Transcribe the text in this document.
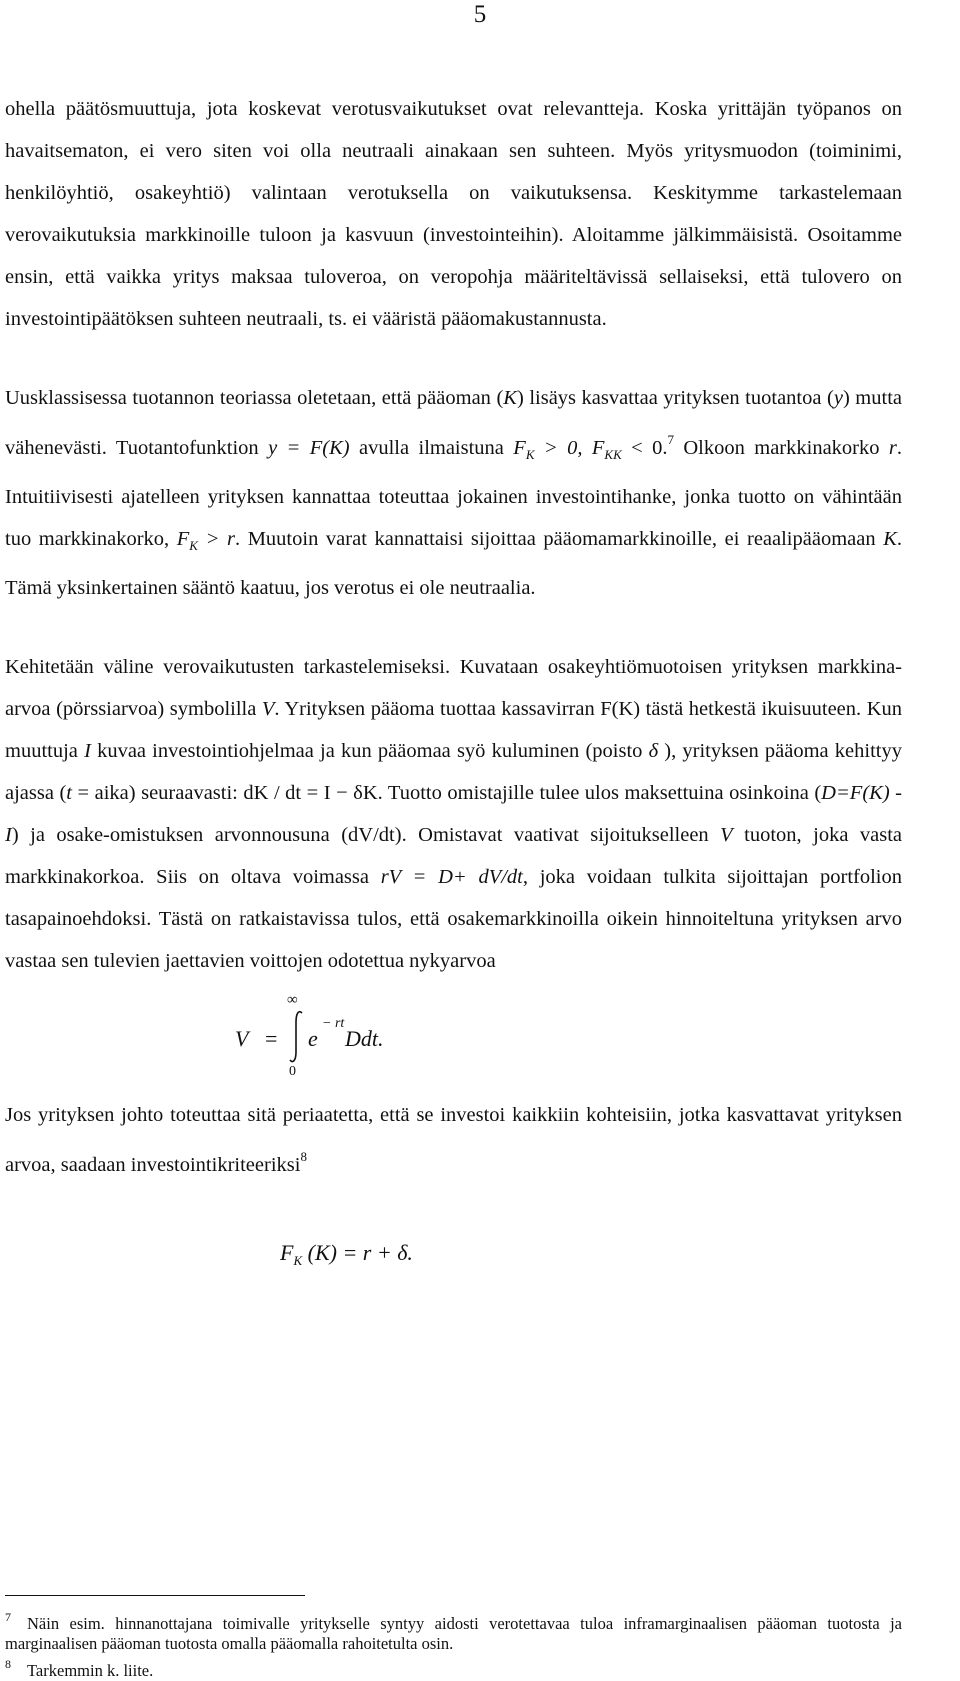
5

ohella päätösmuuttuja, jota koskevat verotusvaikutukset ovat relevantteja. Koska yrittäjän työpanos on havaitsematon, ei vero siten voi olla neutraali ainakaan sen suhteen. Myös yritysmuodon (toiminimi, henkilöyhtiö, osakeyhtiö) valintaan verotuksella on vaikutuksensa. Keskitymme tarkastelemaan verovaikutuksia markkinoille tuloon ja kasvuun (investointeihin). Aloitamme jälkimmäisistä. Osoitamme ensin, että vaikka yritys maksaa tuloveroa, on veropohja määriteltävissä sellaiseksi, että tulovero on investointipäätöksen suhteen neutraali, ts. ei vääristä pääomakustannusta.

Uusklassisessa tuotannon teoriassa oletetaan, että pääoman (K) lisäys kasvattaa yrityksen tuotantoa (y) mutta vähenevästi. Tuotantofunktion y = F(K) avulla ilmaistuna $F_K > 0$, $F_{KK} < 0.^7$ Olkoon markkinakorko r. Intuitiivisesti ajatelleen yrityksen kannattaa toteuttaa jokainen investointihanke, jonka tuotto on vähintään tuo markkinakorko, $F_K > r$. Muutoin varat kannattaisi sijoittaa pääomamarkkinoille, ei reaalipääomaan K. Tämä yksinkertainen sääntö kaatuu, jos verotus ei ole neutraalia.

Kehitetään väline verovaikutusten tarkastelemiseksi. Kuvataan osakeyhtiömuotoisen yrityksen markkina-arvoa (pörssiarvoa) symbolilla V. Yrityksen pääoma tuottaa kassavirran F(K) tästä hetkestä ikuisuuteen. Kun muuttuja I kuvaa investointiohjelmaa ja kun pääomaa syö kuluminen (poisto δ ), yrityksen pääoma kehittyy ajassa (t = aika) seuraavasti: dK / dt = I − δK. Tuotto omistajille tulee ulos maksettuina osinkoina (D=F(K) - I) ja osake-omistuksen arvonnousuna (dV/dt). Omistavat vaativat sijoitukselleen V tuoton, joka vasta markkinakorkoa. Siis on oltava voimassa rV = D+ dV/dt, joka voidaan tulkita sijoittajan portfolion tasapainoehdoksi. Tästä on ratkaistavissa tulos, että osakemarkkinoilla oikein hinnoiteltuna yrityksen arvo vastaa sen tulevien jaettavien voittojen odotettua nykyarvoa

V =
∞
0
e
− rt
Ddt.

Jos yrityksen johto toteuttaa sitä periaatetta, että se investoi kaikkiin kohteisiin, jotka kasvattavat yrityksen arvoa, saadaan investointikriteeriksi$^8$

$F_K$ (K) = r + δ.
$^7$ Näin esim. hinnanottajana toimivalle yritykselle syntyy aidosti verotettavaa tuloa inframarginaalisen pääoman tuotosta ja marginaalisen pääoman tuotosta omalla pääomalla rahoitetulta osin.
$^8$ Tarkemmin k. liite.
